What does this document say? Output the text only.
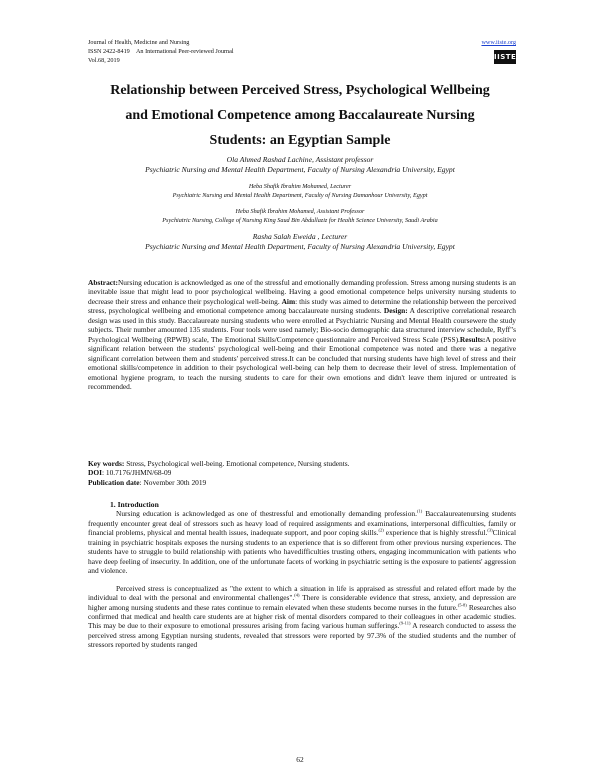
Journal of Health, Medicine and Nursing
ISSN 2422-8419 An International Peer-reviewed Journal
Vol.68, 2019
www.iiste.org
IISTE
Relationship between Perceived Stress, Psychological Wellbeing
and Emotional Competence among Baccalaureate Nursing
Students: an Egyptian Sample
Ola Ahmed Rashad Lachine, Assistant professor
Psychiatric Nursing and Mental Health Department, Faculty of Nursing Alexandria University, Egypt
Heba Shafik Ibrahim Mohamed, Lecturer
Psychiatric Nursing and Mental Health Department, Faculty of Nursing Damanhour University, Egypt
Heba Shafik Ibrahim Mohamed, Assistant Professor
Psychiatric Nursing, College of Nursing King Saud Bin Abdullaziz for Health Science University, Saudi Arabia
Rasha Salah Eweida , Lecturer
Psychiatric Nursing and Mental Health Department, Faculty of Nursing Alexandria University, Egypt
Abstract:Nursing education is acknowledged as one of the stressful and emotionally demanding profession. Stress among nursing students is an inevitable issue that might lead to poor psychological wellbeing. Having a good emotional competence helps university nursing students to decrease their stress and enhance their psychological well-being. Aim: this study was aimed to determine the relationship between the perceived stress, psychological wellbeing and emotional competence among baccalaureate nursing students. Design: A descriptive correlational research design was used in this study. Baccalaureate nursing students who were enrolled at Psychiatric Nursing and Mental Health coursewere the study subjects. Their number amounted 135 students. Four tools were used namely; Bio-socio demographic data structured interview schedule, Ryff"s Psychological Wellbeing (RPWB) scale, The Emotional Skills/Competence questionnaire and Perceived Stress Scale (PSS).Results:A positive significant relation between the students' psychological well-being and their Emotional competence was noted and there was a negative significant correlation between them and students' perceived stress.It can be concluded that nursing students have high level of stress and their emotional skills/competence in addition to their psychological well-being can help them to decrease their level of stress. Implementation of emotional hygiene program, to teach the nursing students to care for their own emotions and didn't leave them injured or untreated is recommended.

Key words: Stress, Psychological well-being. Emotional competence, Nursing students.

DOI: 10.7176/JHMN/68-09

Publication date: November 30th 2019

1. Introduction

Nursing education is acknowledged as one of thestressful and emotionally demanding profession.$^{(1)}$ Baccalaureatenursing students frequently encounter great deal of stressors such as heavy load of required assignments and examinations, interpersonal difficulties, family or financial problems, physical and mental health issues, inadequate support, and poor coping skills.$^{(2)}$ experience that is highly stressful.$^{(3)}$Clinical training in psychiatric hospitals exposes the nursing students to an experience that is so different from other previous nursing experiences. The students have to struggle to build relationship with patients who havedifficulties trusting others, engaging incommunication with patients who have deep feeling of insecurity. In addition, one of the unfortunate facets of working in psychiatric setting is the exposure to patients' aggression and violence.

Perceived stress is conceptualized as "the extent to which a situation in life is appraised as stressful and related effort made by the individual to deal with the personal and environmental challenges".$^{(4)}$ There is considerable evidence that stress, anxiety, and depression are higher among nursing students and these rates continue to remain elevated when these students become nurses in the future.$^{(5-8)}$ Researches also confirmed that medical and health care students are at higher risk of mental disorders compared to their colleagues in other academic studies. This may be due to their exposure to emotional pressures arising from facing various human sufferings.$^{(9-11)}$ A research conducted to assess the perceived stress among Egyptian nursing students, revealed that stressors were reported by 97.3% of the studied students and the number of stressors reported by students ranged

62
